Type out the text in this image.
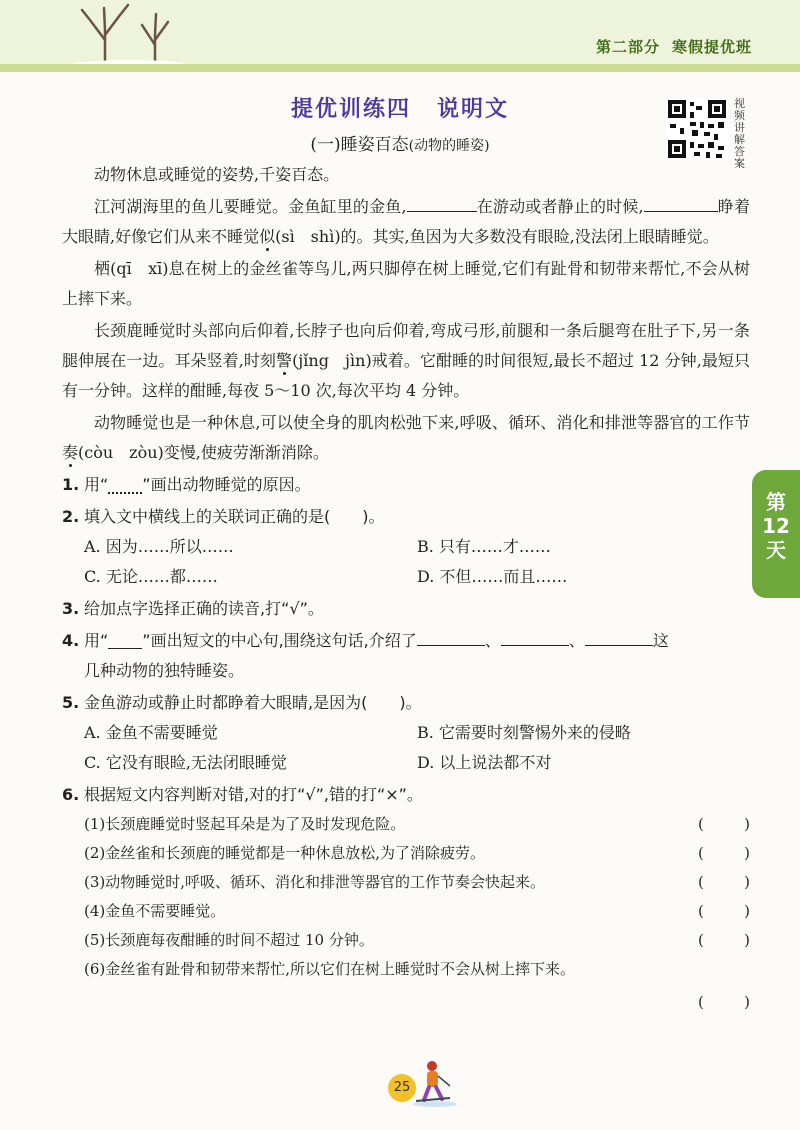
第二部分 寒假提优班
提优训练四 说明文
(一)睡姿百态(动物的睡姿)
视频讲解答案

动物休息或睡觉的姿势,千姿百态。

江河湖海里的鱼儿要睡觉。金鱼缸里的金鱼,	在游动或者静止的时候,	睁着大眼睛,好像它们从来不睡觉似(sì　shì)的。其实,鱼因为大多数没有眼睑,没法闭上眼睛睡觉。

栖(qī　xī)息在树上的金丝雀等鸟儿,两只脚停在树上睡觉,它们有趾骨和韧带来帮忙,不会从树上摔下来。

长颈鹿睡觉时头部向后仰着,长脖子也向后仰着,弯成弓形,前腿和一条后腿弯在肚子下,另一条腿伸展在一边。耳朵竖着,时刻警(jǐng　jìn)戒着。它酣睡的时间很短,最长不超过 12 分钟,最短只有一分钟。这样的酣睡,每夜 5～10 次,每次平均 4 分钟。

动物睡觉也是一种休息,可以使全身的肌肉松弛下来,呼吸、循环、消化和排泄等器官的工作节奏(còu　zòu)变慢,使疲劳渐渐消除。

1. 用“ ”画出动物睡觉的原因。
2. 填入文中横线上的关联词正确的是(　　)。
A. 因为……所以……	B. 只有……才……
C. 无论……都……	D. 不但……而且……
3. 给加点字选择正确的读音,打“√”。
4. 用“ ”画出短文的中心句,围绕这句话,介绍了	、	、	这
几种动物的独特睡姿。
5. 金鱼游动或静止时都睁着大眼睛,是因为(　　)。
A. 金鱼不需要睡觉	B. 它需要时刻警惕外来的侵略
C. 它没有眼睑,无法闭眼睡觉	D. 以上说法都不对
6. 根据短文内容判断对错,对的打“√”,错的打“×”。
(1)长颈鹿睡觉时竖起耳朵是为了及时发现危险。	(	)
(2)金丝雀和长颈鹿的睡觉都是一种休息放松,为了消除疲劳。	(	)
(3)动物睡觉时,呼吸、循环、消化和排泄等器官的工作节奏会快起来。	(	)
(4)金鱼不需要睡觉。	(	)
(5)长颈鹿每夜酣睡的时间不超过 10 分钟。	(	)
(6)金丝雀有趾骨和韧带来帮忙,所以它们在树上睡觉时不会从树上摔下来。
(	)
第
12
天
25
